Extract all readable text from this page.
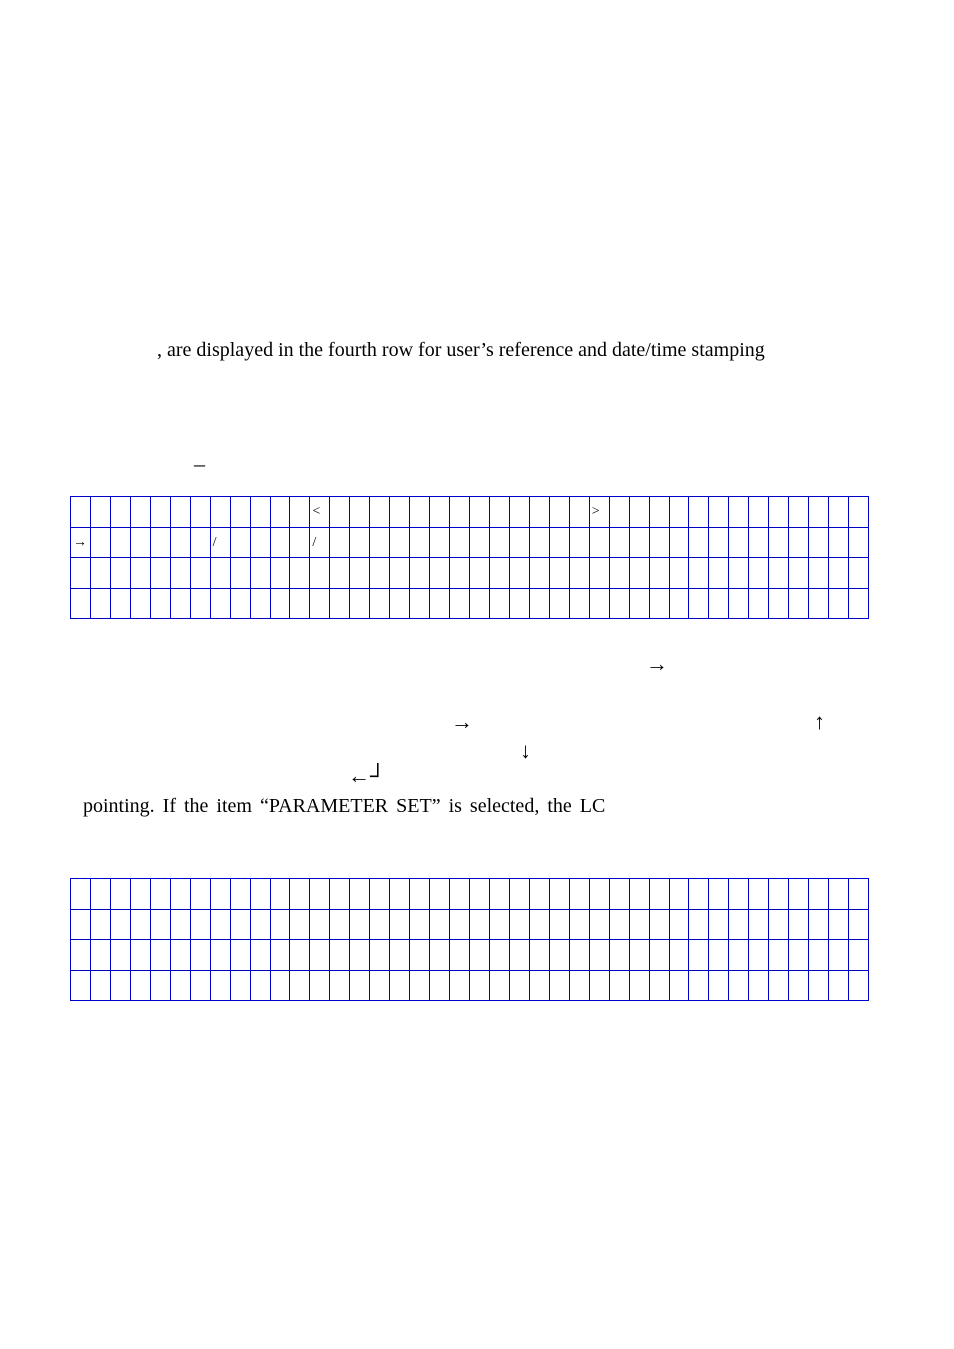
, are displayed in the fourth row for user’s reference and date/time stamping
–
<	>
→	/	/
→
→	↑
↓
←┘
pointing. If the item “PARAMETER SET” is selected, the LC
